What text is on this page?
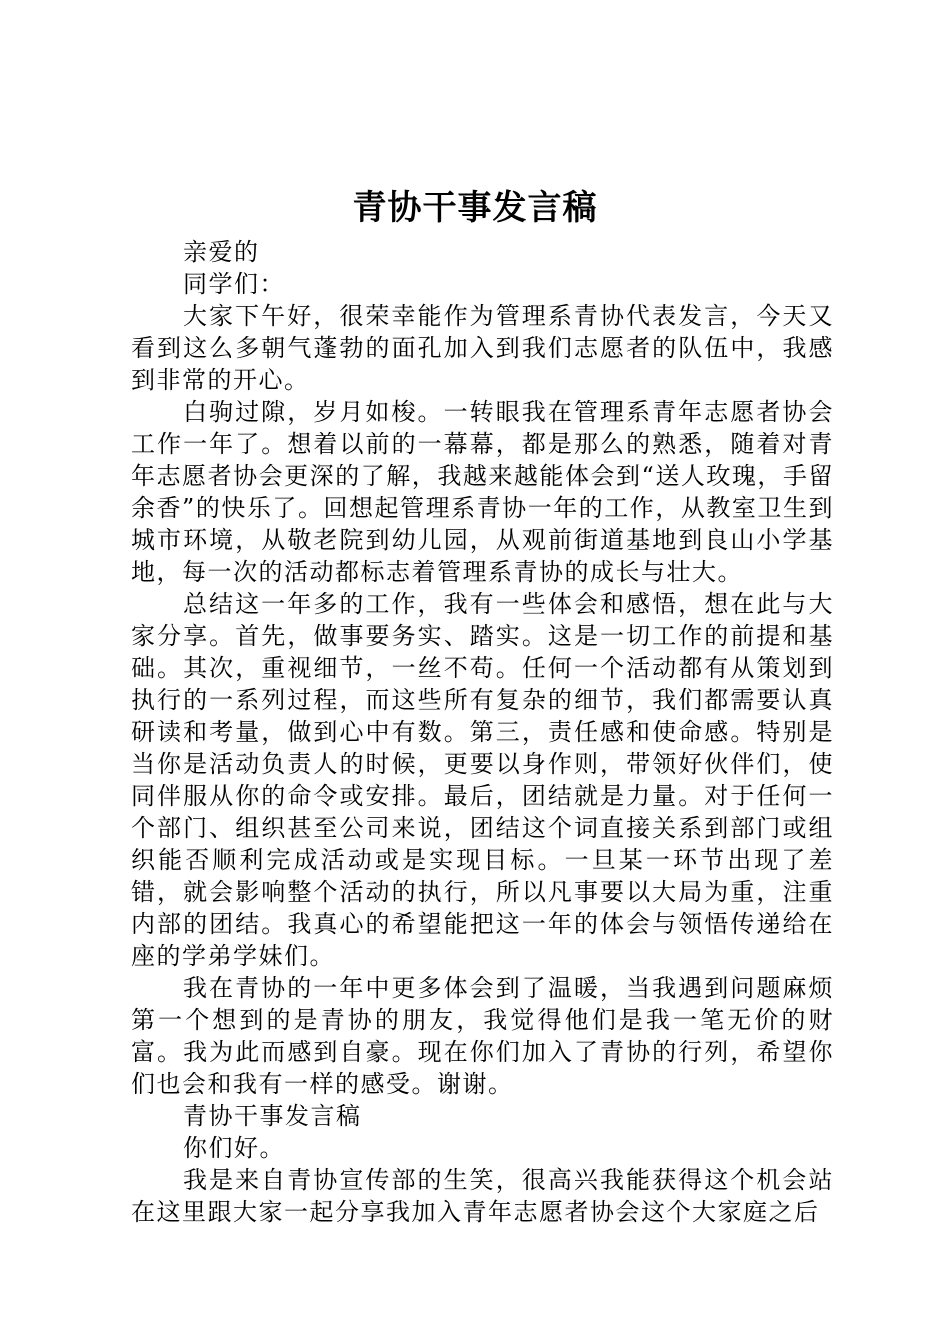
青协干事发言稿

亲爱的

同学们：

大家下午好，很荣幸能作为管理系青协代表发言，今天又看到这么多朝气蓬勃的面孔加入到我们志愿者的队伍中，我感到非常的开心。

白驹过隙，岁月如梭。一转眼我在管理系青年志愿者协会工作一年了。想着以前的一幕幕，都是那么的熟悉，随着对青年志愿者协会更深的了解，我越来越能体会到“送人玫瑰，手留余香”的快乐了。回想起管理系青协一年的工作，从教室卫生到城市环境，从敬老院到幼儿园，从观前街道基地到良山小学基地，每一次的活动都标志着管理系青协的成长与壮大。

总结这一年多的工作，我有一些体会和感悟，想在此与大家分享。首先，做事要务实、踏实。这是一切工作的前提和基础。其次，重视细节，一丝不苟。任何一个活动都有从策划到执行的一系列过程，而这些所有复杂的细节，我们都需要认真研读和考量，做到心中有数。第三，责任感和使命感。特别是当你是活动负责人的时候，更要以身作则，带领好伙伴们，使同伴服从你的命令或安排。最后，团结就是力量。对于任何一个部门、组织甚至公司来说，团结这个词直接关系到部门或组织能否顺利完成活动或是实现目标。一旦某一环节出现了差错，就会影响整个活动的执行，所以凡事要以大局为重，注重内部的团结。我真心的希望能把这一年的体会与领悟传递给在座的学弟学妹们。

我在青协的一年中更多体会到了温暖，当我遇到问题麻烦第一个想到的是青协的朋友，我觉得他们是我一笔无价的财富。我为此而感到自豪。现在你们加入了青协的行列，希望你们也会和我有一样的感受。谢谢。

青协干事发言稿

你们好。

我是来自青协宣传部的生笑，很高兴我能获得这个机会站在这里跟大家一起分享我加入青年志愿者协会这个大家庭之后
